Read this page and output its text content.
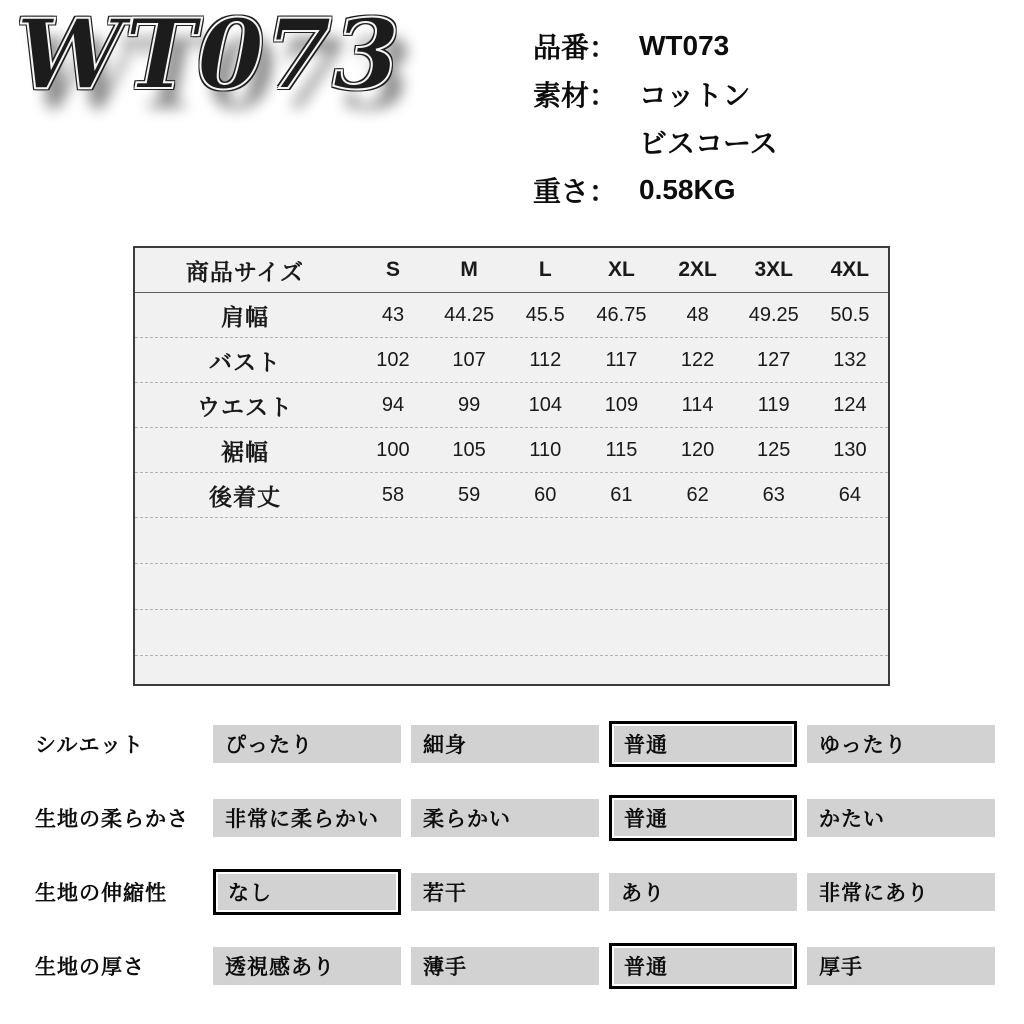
WT073	品番： WT073
素材： コットン
ビスコース
重さ： 0.58KG
商品サイズ	S	M	L	XL	2XL	3XL	4XL
肩幅	43	44.25	45.5	46.75	48	49.25	50.5
バスト	102	107	112	117	122	127	132
ウエスト	94	99	104	109	114	119	124
裾幅	100	105	110	115	120	125	130
後着丈	58	59	60	61	62	63	64
シルエット	ぴったり	細身	普通	ゆったり
生地の柔らかさ	非常に柔らかい	柔らかい	普通	かたい
生地の伸縮性	なし	若干	あり	非常にあり
生地の厚さ	透視感あり	薄手	普通	厚手
